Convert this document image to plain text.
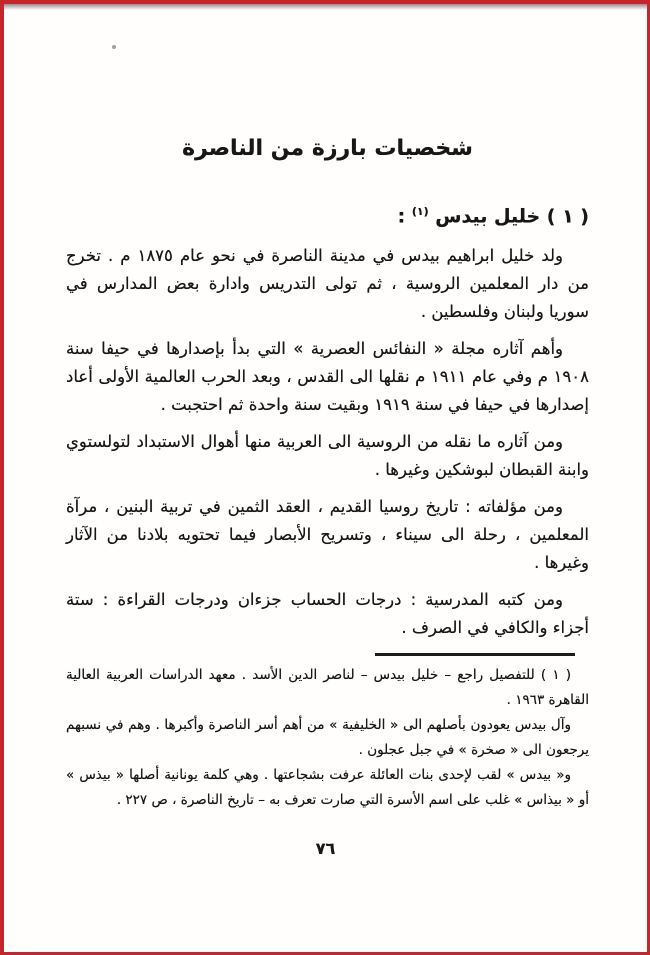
شخصيات بارزة من الناصرة
( ١ ) خليل بيدس $^{(١)}$ :

ولد خليل ابراهيم بيدس في مدينة الناصرة في نحو عام ١٨٧٥ م . تخرج من دار المعلمين الروسية ، ثم تولى التدريس وادارة بعض المدارس في سوريا ولبنان وفلسطين .

وأهم آثاره مجلة « النفائس العصرية » التي بدأ بإصدارها في حيفا سنة ١٩٠٨ م وفي عام ١٩١١ م نقلها الى القدس ، وبعد الحرب العالمية الأولى أعاد إصدارها في حيفا في سنة ١٩١٩ وبقيت سنة واحدة ثم احتجبت .

ومن آثاره ما نقله من الروسية الى العربية منها أهوال الاستبداد لتولستوي وابنة القبطان لبوشكين وغيرها .

ومن مؤلفاته : تاريخ روسيا القديم ، العقد الثمين في تربية البنين ، مرآة المعلمين ، رحلة الى سيناء ، وتسريح الأبصار فيما تحتويه بلادنا من الآثار وغيرها .

ومن كتبه المدرسية : درجات الحساب جزءان ودرجات القراءة : ستة أجزاء والكافي في الصرف .

( ١ ) للتفصيل راجع – خليل بيدس – لناصر الدين الأسد . معهد الدراسات العربية العالية القاهرة ١٩٦٣ .

وآل بيدس يعودون بأصلهم الى « الخليفية » من أهم أسر الناصرة وأكبرها . وهم في نسبهم يرجعون الى « صخرة » في جبل عجلون .

و« بيدس » لقب لإحدى بنات العائلة عرفت بشجاعتها . وهي كلمة يونانية أصلها « بيذس » أو « بيذاس » غلب على اسم الأسرة التي صارت تعرف به – تاريخ الناصرة ، ص ٢٢٧ .

٧٦
